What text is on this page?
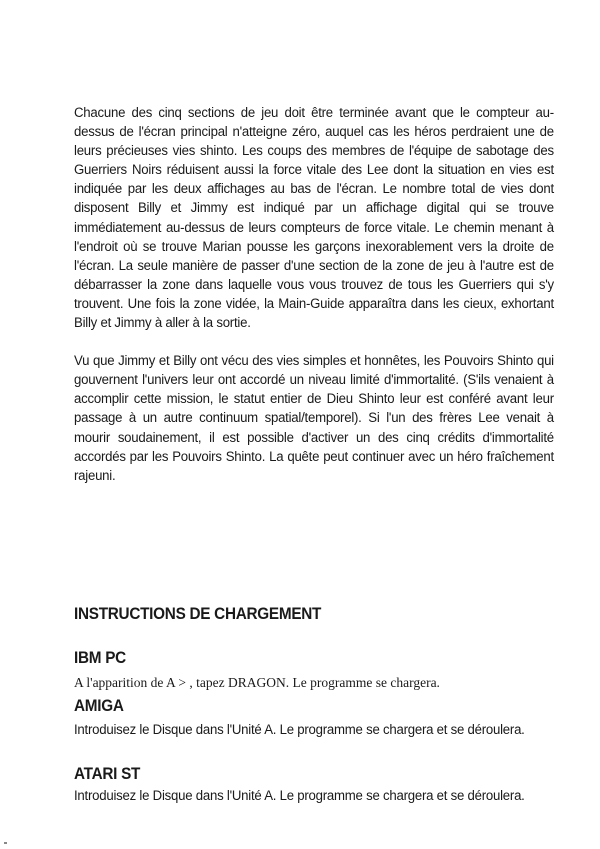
Chacune des cinq sections de jeu doit être terminée avant que le compteur au-dessus de l'écran principal n'atteigne zéro, auquel cas les héros perdraient une de leurs précieuses vies shinto. Les coups des membres de l'équipe de sabotage des Guerriers Noirs réduisent aussi la force vitale des Lee dont la situation en vies est indiquée par les deux affichages au bas de l'écran. Le nombre total de vies dont disposent Billy et Jimmy est indiqué par un affichage digital qui se trouve immédiatement au-dessus de leurs compteurs de force vitale. Le chemin menant à l'endroit où se trouve Marian pousse les garçons inexorablement vers la droite de l'écran. La seule manière de passer d'une section de la zone de jeu à l'autre est de débarrasser la zone dans laquelle vous vous trouvez de tous les Guerriers qui s'y trouvent. Une fois la zone vidée, la Main-Guide apparaîtra dans les cieux, exhortant Billy et Jimmy à aller à la sortie.

Vu que Jimmy et Billy ont vécu des vies simples et honnêtes, les Pouvoirs Shinto qui gouvernent l'univers leur ont accordé un niveau limité d'immortalité. (S'ils venaient à accomplir cette mission, le statut entier de Dieu Shinto leur est conféré avant leur passage à un autre continuum spatial/temporel). Si l'un des frères Lee venait à mourir soudainement, il est possible d'activer un des cinq crédits d'immortalité accordés par les Pouvoirs Shinto. La quête peut continuer avec un héro fraîchement rajeuni.

INSTRUCTIONS DE CHARGEMENT
IBM PC

A l'apparition de A > , tapez DRAGON. Le programme se chargera.

AMIGA

Introduisez le Disque dans l'Unité A. Le programme se chargera et se déroulera.

ATARI ST

Introduisez le Disque dans l'Unité A. Le programme se chargera et se déroulera.
